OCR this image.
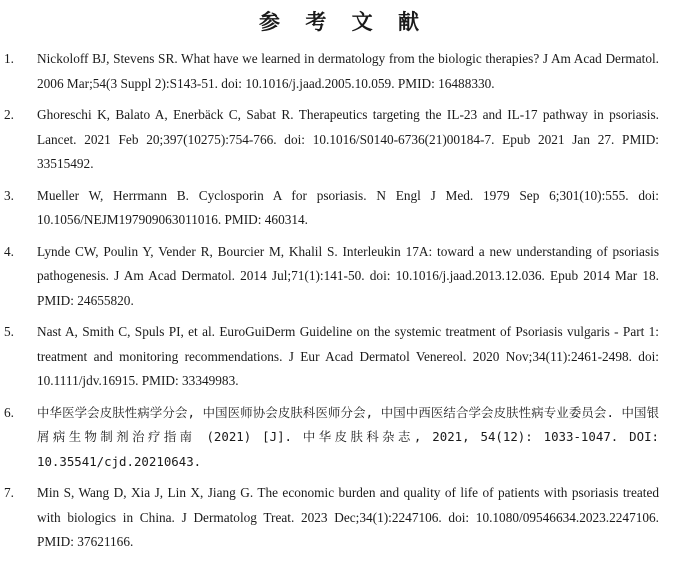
参 考 文 献
1. Nickoloff BJ, Stevens SR. What have we learned in dermatology from the biologic therapies? J Am Acad Dermatol. 2006 Mar;54(3 Suppl 2):S143-51. doi: 10.1016/j.jaad.2005.10.059. PMID: 16488330.
2. Ghoreschi K, Balato A, Enerbäck C, Sabat R. Therapeutics targeting the IL-23 and IL-17 pathway in psoriasis. Lancet. 2021 Feb 20;397(10275):754-766. doi: 10.1016/S0140-6736(21)00184-7. Epub 2021 Jan 27. PMID: 33515492.
3. Mueller W, Herrmann B. Cyclosporin A for psoriasis. N Engl J Med. 1979 Sep 6;301(10):555. doi: 10.1056/NEJM197909063011016. PMID: 460314.
4. Lynde CW, Poulin Y, Vender R, Bourcier M, Khalil S. Interleukin 17A: toward a new understanding of psoriasis pathogenesis. J Am Acad Dermatol. 2014 Jul;71(1):141-50. doi: 10.1016/j.jaad.2013.12.036. Epub 2014 Mar 18. PMID: 24655820.
5. Nast A, Smith C, Spuls PI, et al. EuroGuiDerm Guideline on the systemic treatment of Psoriasis vulgaris - Part 1: treatment and monitoring recommendations. J Eur Acad Dermatol Venereol. 2020 Nov;34(11):2461-2498. doi: 10.1111/jdv.16915. PMID: 33349983.
6. 中华医学会皮肤性病学分会, 中国医师协会皮肤科医师分会, 中国中西医结合学会皮肤性病专业委员会. 中国银屑病生物制剂治疗指南 (2021) [J]. 中华皮肤科杂志, 2021, 54(12): 1033-1047. DOI: 10.35541/cjd.20210643.
7. Min S, Wang D, Xia J, Lin X, Jiang G. The economic burden and quality of life of patients with psoriasis treated with biologics in China. J Dermatolog Treat. 2023 Dec;34(1):2247106. doi: 10.1080/09546634.2023.2247106. PMID: 37621166.
